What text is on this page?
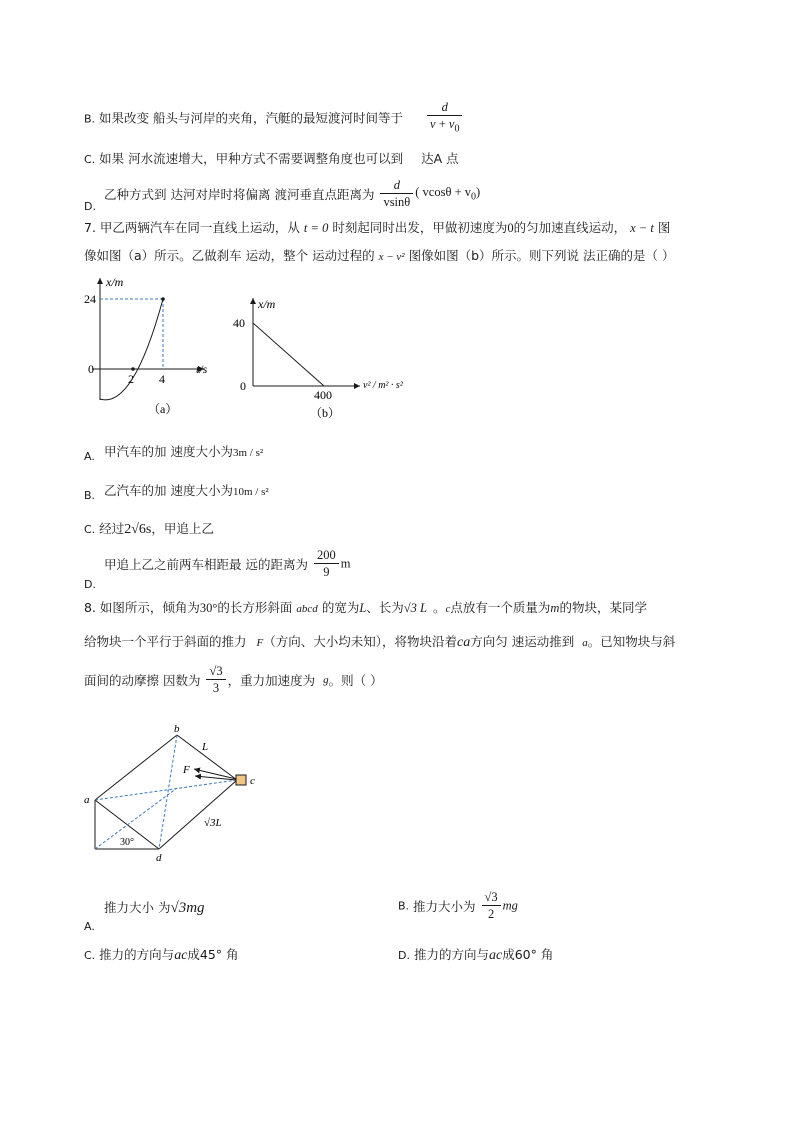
B. 如果改变 船头与河岸的夹角，汽艇的最短渡河时间等于 $\frac{d}{v + v_0}$
C. 如果 河水流速增大，甲种方式不需要调整角度也可以到 达A 点
乙种方式到 达河对岸时将偏离 渡河垂直点距离为 $\frac{d}{vsin\theta}$ ( $vcos\theta + v_0$)
D.
7. 甲乙两辆汽车在同一直线上运动，从 t = 0 时刻起同时出发，甲做初速度为0的匀加速直线运动， x − t 图
像如图（a）所示。乙做刹车 运动，整个 运动过程的 x − v² 图像如图（b）所示。则下列说 法正确的是（ ）
x/m
24
0
2 4
t/s
（a）
x/m
40
0
400
v² / m² · s²
（b）
甲汽车的加 速度大小为3m / s²
A.
乙汽车的加 速度大小为10m / s²
B.
C. 经过2√6s，甲追上乙
甲追上乙之前两车相距最 远的距离为 $\frac{200}{9}$ m
D.
8. 如图所示，倾角为30°的长方形斜面 abcd 的宽为L、长为√3 L 。c点放有一个质量为m的物块，某同学
给物块一个平行于斜面的推力 F（方向、大小均未知），将物块沿着ca方向匀 速运动推到 a。已知物块与斜
面间的动摩擦 因数为 $\frac{√3}{3}$ ，重力加速度为 g。则（ ）
b
L
F
c
a
√3L
30°
d
推力大小 为√3mg
A.
B. 推力大小为 $\frac{√3}{2}$ mg
C. 推力的方向与ac成45° 角	D. 推力的方向与ac成60° 角
